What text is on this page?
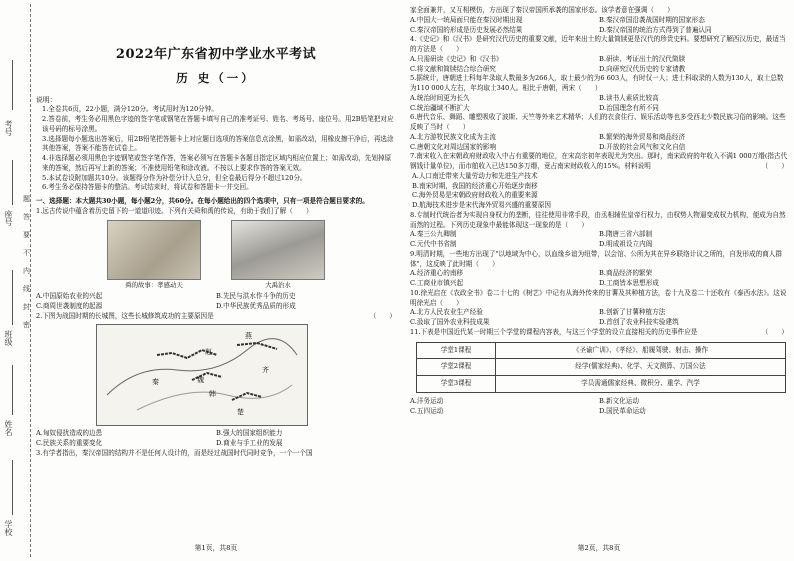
考号
座号
班级
姓名
学校
题
答
要
不
内
线
封
密
2022年广东省初中学业水平考试
历 史（一）
说明：
1.全卷共6页，22小题，满分120分。考试用时为120分钟。
2.答卷前，考生务必用黑色字迹的签字笔或钢笔在答题卡填写自己的准考证号、姓名、考场号、座位号。用2B铅笔把对应该号码的标号涂黑。
3.选择题每小题选出答案后，用2B铅笔把答题卡上对应题目选项的答案信息点涂黑，如需改动，用橡皮擦干净后，再选涂其他答案，答案不能答在试卷上。
4.非选择题必须用黑色字迹钢笔或签字笔作答，答案必须写在答题卡各题目指定区域内相应位置上；如需改动，先划掉原来的答案，然后再写上新的答案；不准使用铅笔和涂改液。不按以上要求作答的答案无效。
5.本试卷设附加题共10分。该题得分作为补偿分计入总分，但全卷最后得分不超过120分。
6.考生务必保持答题卡的整洁。考试结束时，将试卷和答题卡一并交回。
一、选择题：本大题共30小题，每小题2分，共60分。在每小题给出的四个选项中，只有一项是符合题目要求的。
1.远古传说中蕴含着历史留下的一道道印迹。下列有关舜和禹的传说，有助于我们了解（　　）
舜的故事：孝感动天	大禹治水
A.中国原始农业的兴起	B.先民与洪水作斗争的历史
C.商周世袭制度的起源	D.中华民族优秀品质的形成
2.下图为战国时期的长城图，这些长城修筑成功的主要原因是	（　　）
燕
赵
秦	魏
韩
齐
楚
A.匈奴侵扰造成的边患	B.强大的国家组织能力
C.民族关系的重要变化	D.商业与手工业的发展
3.有学者指出，秦汉帝国的结构并不是任何人设计的，而是经过战国时代同时竞争，一个一个国
第1页，共8页
家全面兼并，又互相模仿，方出现了秦汉帝国所承袭的国家形态。该学者意在强调（　　）
A.中国大一统局面只能在秦汉时期出现	B.秦汉帝国沿袭战国时期的国家形态
C.秦汉帝国的形成是历史发展必然结果	D.秦汉帝国的统治方式得到了普遍认同
4.《史记》和《汉书》是研究汉代历史的重要文献，近年来出土的大量简牍更是汉代的珍贵史料。要想研究了解西汉历史，最适当的方法是（　　）
A.只需研读《史记》和《汉书》	B.研读、考证出土的汉代简牍
C.将文献和简牍结合综合研究	D.向研究汉代历史的专家请教
5.据统计，唐朝进士科每年录取人数最多为266人，取士最少的为6 603人，有时仅一人；进士科取录的人数为130人，取士总数为110 000人左右，年均取士340人。相比于唐朝，两宋（　　）
A.统治时间更为长久	B.读书人素质比较高
C.统治疆域不断扩大	D.治国理念有所不同
6.唐代音乐、舞蹈、雕塑吸收了波斯、天竺等外来艺术精华；人们的衣食住行、娱乐活动等也多受西北少数民族习俗的影响。这些反映了当时（　　）
A.北方游牧民族文化成为主流	B.繁荣的海外贸易和商品经济
C.唐朝文化对周边国家的影响	D.开放的社会风气和文化自信
7.南宋收入在宋朝政府财政收入中占有重要的地位，在宋高宗初年表现尤为突出。那时，南宋政府的年收入不满1 000万缗(指古代钢钱计量单位)，而市舶收入已达150多万缗，竟占南宋财政收入的15%。材料说明	（　　）
A.人口南迁带来大量劳动力和先进生产技术
B.南宋时期，我国的经济重心开始逐步南移
C.海外贸易是宋朝政府财政收入的重要来源
D.航海技术进步是宋代海外贸易兴盛的重要原因
8.专制时代统治者为实现自身权力的垄断，往往使用非常手段，由丞相辅佐皇帝行权力，由权势人物逼变成权力机构，便成为自然而然的过程。下列历史现象中最能体现这一现象的是（　　）
A.秦三公九卿制	B.隋唐三省六部制
C.元代中书省制	D.明成祖设立内阁
9.明清时期，一些地方出现了"以地域为中心，以血缘乡谊为纽带，以会馆、公所为其在异乡联络计议之所的，自发形成的商人群体"，这反映了此时期（　　）
A.经济重心的南移	B.商品经济的繁荣
C.工商业市镇兴起	D.工商皆本思想形成
10.徐光启在《农政全书》卷二十七的《树艺》中记有从海外传来的甘薯及其种植方法，卷十九及卷二十还收有《泰西水法》。这说明徐光启（　　）
A.北方人民农业生产经验	B.创新了甘薯种植方法
C.汲取了国外农业科技成果	D.首创了农业科技实验建筑
11.下表是中国近代某一时期三个学堂的课程内容表，与这三个学堂的设立直接相关的历史事件应是	（　　）
学堂1课程	《圣谕广训》、《孝经》、船履驾驶、射击、操作
学堂2课程	经学(儒家经典)、化学、天文测算、万国公法
学堂3课程	学员需通儒家经典、微积分、重学、汽学
A.洋务运动	B.新文化运动
C.五四运动	D.国民革命运动
第2页，共8页
